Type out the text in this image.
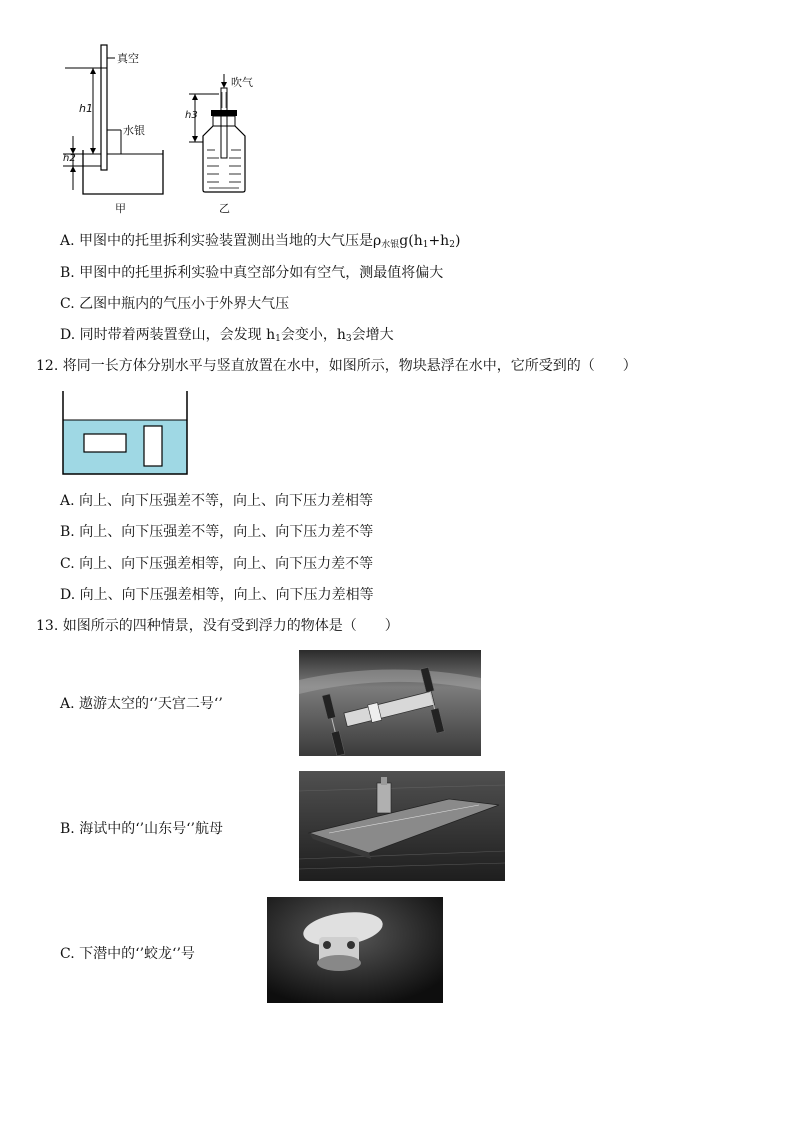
真空
水银
h1
h2
甲
吹气
h3
乙
A. 甲图中的托里拆利实验装置测出当地的大气压是$\rho_{水银}g(h_1+h_2)$
B. 甲图中的托里拆利实验中真空部分如有空气，测最值将偏大
C. 乙图中瓶内的气压小于外界大气压
D. 同时带着两装置登山，会发现 $h_1$会变小，$h_3$会增大
12. 将同一长方体分别水平与竖直放置在水中，如图所示，物块悬浮在水中，它所受到的（　　）
A. 向上、向下压强差不等，向上、向下压力差相等
B. 向上、向下压强差不等，向上、向下压力差不等
C. 向上、向下压强差相等，向上、向下压力差不等
D. 向上、向下压强差相等，向上、向下压力差相等
13. 如图所示的四种情景，没有受到浮力的物体是（　　）
A. 遨游太空的‘’天宫二号‘’
B. 海试中的‘’山东号‘’航母
C. 下潜中的‘’蛟龙‘’号
